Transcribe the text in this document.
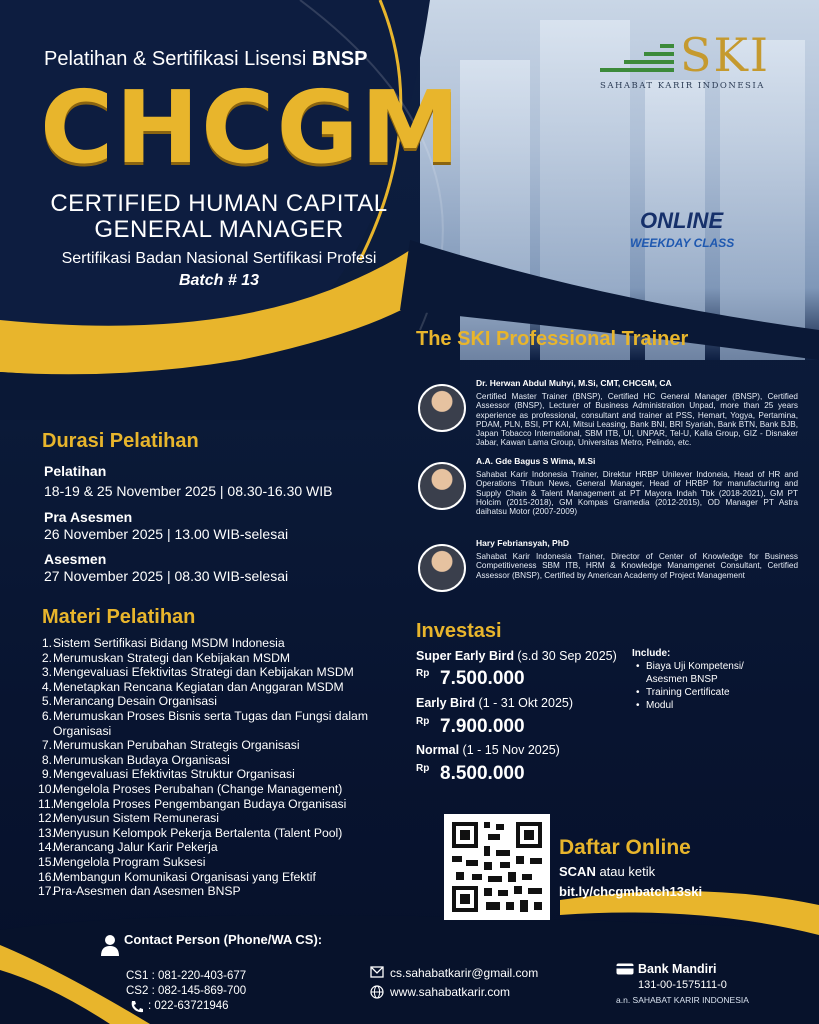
Pelatihan & Sertifikasi Lisensi BNSP
CHCGM
CERTIFIED HUMAN CAPITAL
GENERAL MANAGER
Sertifikasi Badan Nasional Sertifikasi Profesi
Batch # 13
SKI
SAHABAT KARIR INDONESIA
ONLINE
WEEKDAY CLASS
The SKI Professional Trainer
Dr. Herwan Abdul Muhyi, M.Si, CMT, CHCGM, CA
Certified Master Trainer (BNSP), Certified HC General Manager (BNSP), Certified Assessor (BNSP), Lecturer of Business Administration Unpad, more than 25 years experience as professional, consultant and trainer at PSS, Hemart, Yogya, Pertamina, PDAM, PLN, BSI, PT KAI, Mitsui Leasing, Bank BNI, BRI Syariah, Bank BTN, Bank BJB, Japan Tobacco International, SBM ITB, UI, UNPAR, Tel-U, Kalla Group, GIZ - Disnaker Jabar, Kawan Lama Group, Universitas Metro, Pelindo, etc.
A.A. Gde Bagus S Wima, M.Si
Sahabat Karir Indonesia Trainer, Direktur HRBP Unilever Indoneia, Head of HR and Operations Tribun News, General Manager, Head of HRBP for manufacturing and Supply Chain & Talent Management at PT Mayora Indah Tbk (2018-2021), GM PT Holcim (2015-2018), GM Kompas Gramedia (2012-2015), OD Manager PT Astra daihatsu Motor (2007-2009)
Hary Febriansyah, PhD
Sahabat Karir Indonesia Trainer, Director of Center of Knowledge for Business Competitiveness SBM ITB, HRM & Knowledge Manamgenet Consultant, Certified Assessor (BNSP), Certified by American Academy of Project Management
Durasi Pelatihan
Pelatihan
18-19 & 25 November 2025 | 08.30-16.30 WIB
Pra Asesmen
26 November 2025 | 13.00 WIB-selesai
Asesmen
27 November 2025 | 08.30 WIB-selesai
Materi Pelatihan
1. Sistem Sertifikasi Bidang MSDM Indonesia
2. Merumuskan Strategi dan Kebijakan MSDM
3. Mengevaluasi Efektivitas Strategi dan Kebijakan MSDM
4. Menetapkan Rencana Kegiatan dan Anggaran MSDM
5. Merancang Desain Organisasi
6. Merumuskan Proses Bisnis serta Tugas dan Fungsi dalam Organisasi
7. Merumuskan Perubahan Strategis Organisasi
8. Merumuskan Budaya Organisasi
9. Mengevaluasi Efektivitas Struktur Organisasi
10.
Mengelola Proses Perubahan (Change Management)
11.
Mengelola Proses Pengembangan Budaya Organisasi
12.
Menyusun Sistem Remunerasi
13.
Menyusun Kelompok Pekerja Bertalenta (Talent Pool)
14.
Merancang Jalur Karir Pekerja
15.
Mengelola Program Suksesi
16.
Membangun Komunikasi Organisasi yang Efektif
17.
Pra-Asesmen dan Asesmen BNSP
Investasi
Super Early Bird (s.d 30 Sep 2025)
Rp 7.500.000
Early Bird (1 - 31 Okt 2025)
Rp 7.900.000
Normal (1 - 15 Nov 2025)
Rp 8.500.000
Include:
• Biaya Uji Kompetensi/ Asesmen BNSP
• Training Certificate
• Modul
Daftar Online
SCAN atau ketik
bit.ly/chcgmbatch13ski
Contact Person (Phone/WA CS):
CS1 : 081-220-403-677
CS2 : 082-145-869-700
: 022-63721946
cs.sahabatkarir@gmail.com
www.sahabatkarir.com
Bank Mandiri
131-00-1575111-0
a.n. SAHABAT KARIR INDONESIA
